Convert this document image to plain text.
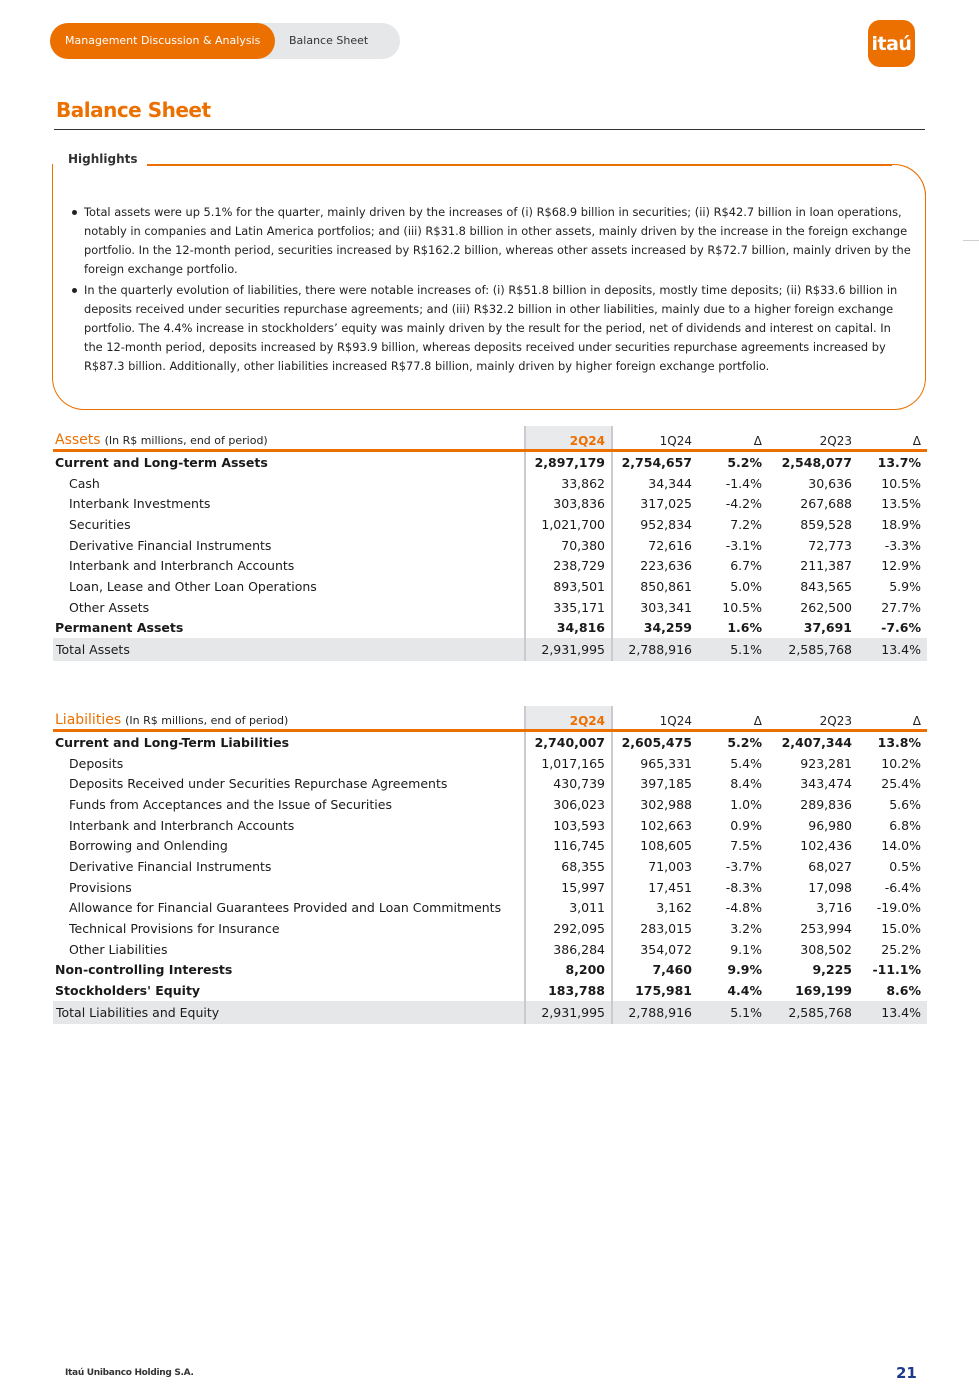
Management Discussion & Analysis	Balance Sheet	itaú
Balance Sheet
Highlights
Total assets were up 5.1% for the quarter, mainly driven by the increases of (i) R$68.9 billion in securities; (ii) R$42.7 billion in loan operations, notably in companies and Latin America portfolios; and (iii) R$31.8 billion in other assets, mainly driven by the increase in the foreign exchange portfolio. In the 12-month period, securities increased by R$162.2 billion, whereas other assets increased by R$72.7 billion, mainly driven by the foreign exchange portfolio.
In the quarterly evolution of liabilities, there were notable increases of: (i) R$51.8 billion in deposits, mostly time deposits; (ii) R$33.6 billion in deposits received under securities repurchase agreements; and (iii) R$32.2 billion in other liabilities, mainly due to a higher foreign exchange portfolio. The 4.4% increase in stockholders’ equity was mainly driven by the result for the period, net of dividends and interest on capital. In the 12-month period, deposits increased by R$93.9 billion, whereas deposits received under securities repurchase agreements increased by R$87.3 billion. Additionally, other liabilities increased R$77.8 billion, mainly driven by higher foreign exchange portfolio.
Assets (In R$ millions, end of period)	2Q24	1Q24	Δ	2Q23	Δ
Current and Long-term Assets	2,897,179	2,754,657	5.2%	2,548,077	13.7%
Cash	33,862	34,344	-1.4%	30,636	10.5%
Interbank Investments	303,836	317,025	-4.2%	267,688	13.5%
Securities	1,021,700	952,834	7.2%	859,528	18.9%
Derivative Financial Instruments	70,380	72,616	-3.1%	72,773	-3.3%
Interbank and Interbranch Accounts	238,729	223,636	6.7%	211,387	12.9%
Loan, Lease and Other Loan Operations	893,501	850,861	5.0%	843,565	5.9%
Other Assets	335,171	303,341	10.5%	262,500	27.7%
Permanent Assets	34,816	34,259	1.6%	37,691	-7.6%
Total Assets	2,931,995	2,788,916	5.1%	2,585,768	13.4%
Liabilities (In R$ millions, end of period)	2Q24	1Q24	Δ	2Q23	Δ
Current and Long-Term Liabilities	2,740,007	2,605,475	5.2%	2,407,344	13.8%
Deposits	1,017,165	965,331	5.4%	923,281	10.2%
Deposits Received under Securities Repurchase Agreements	430,739	397,185	8.4%	343,474	25.4%
Funds from Acceptances and the Issue of Securities	306,023	302,988	1.0%	289,836	5.6%
Interbank and Interbranch Accounts	103,593	102,663	0.9%	96,980	6.8%
Borrowing and Onlending	116,745	108,605	7.5%	102,436	14.0%
Derivative Financial Instruments	68,355	71,003	-3.7%	68,027	0.5%
Provisions	15,997	17,451	-8.3%	17,098	-6.4%
Allowance for Financial Guarantees Provided and Loan Commitments	3,011	3,162	-4.8%	3,716	-19.0%
Technical Provisions for Insurance	292,095	283,015	3.2%	253,994	15.0%
Other Liabilities	386,284	354,072	9.1%	308,502	25.2%
Non-controlling Interests	8,200	7,460	9.9%	9,225	-11.1%
Stockholders' Equity	183,788	175,981	4.4%	169,199	8.6%
Total Liabilities and Equity	2,931,995	2,788,916	5.1%	2,585,768	13.4%
Itaú Unibanco Holding S.A.	21
